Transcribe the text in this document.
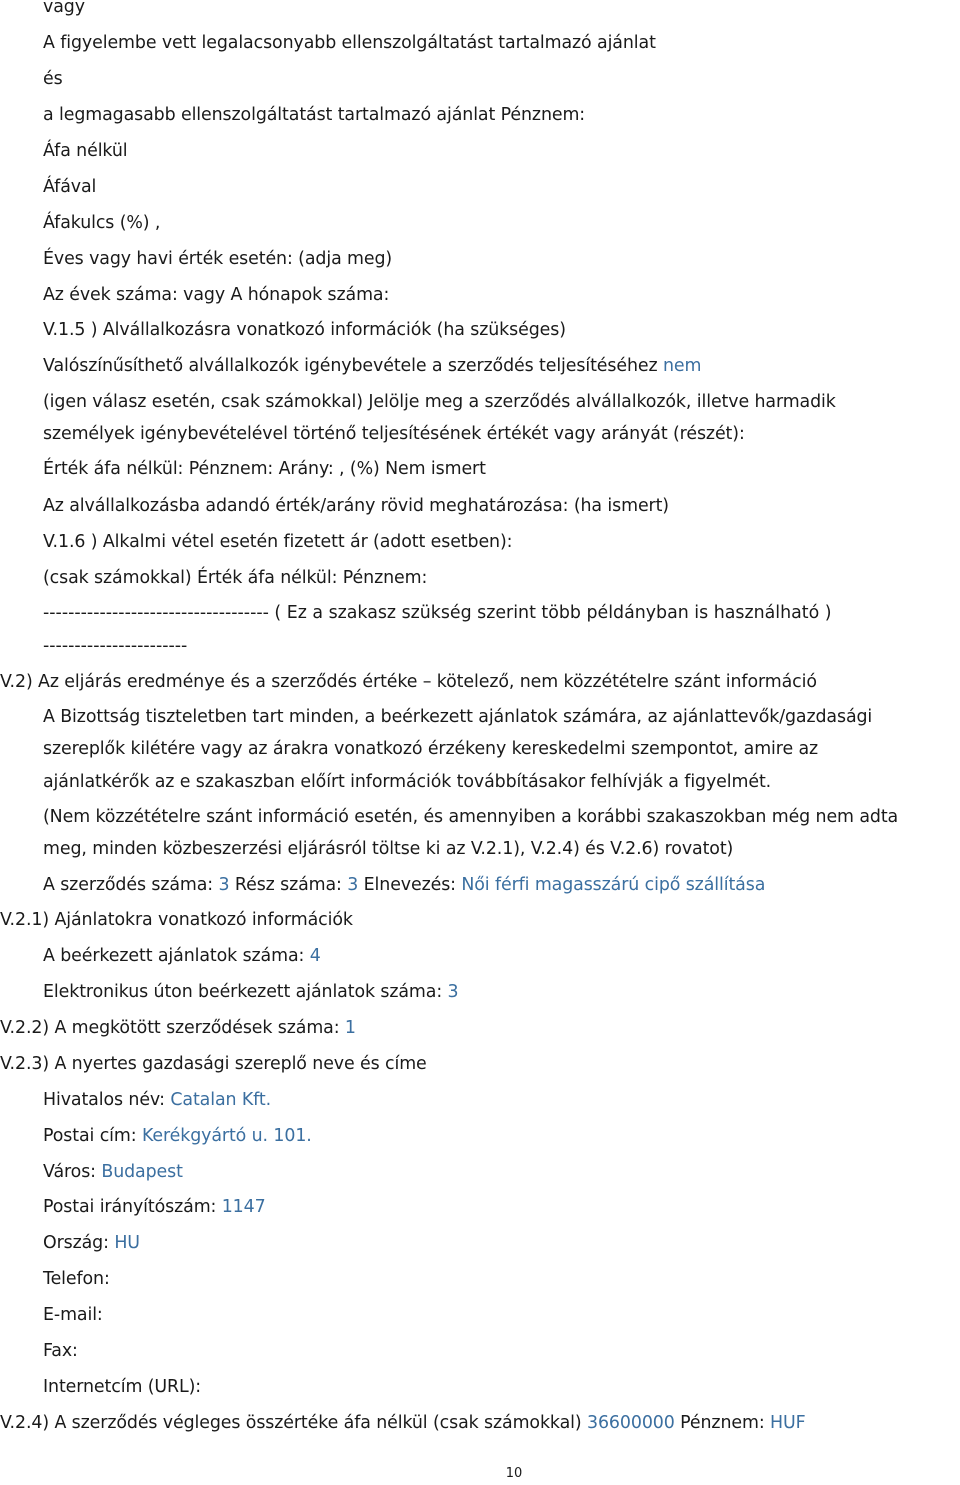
vagy
A figyelembe vett legalacsonyabb ellenszolgáltatást tartalmazó ajánlat
és
a legmagasabb ellenszolgáltatást tartalmazó ajánlat Pénznem:
Áfa nélkül
Áfával
Áfakulcs (%) ,
Éves vagy havi érték esetén: (adja meg)
Az évek száma: vagy A hónapok száma:
V.1.5 ) Alvállalkozásra vonatkozó információk (ha szükséges)
Valószínűsíthető alvállalkozók igénybevétele a szerződés teljesítéséhez nem
(igen válasz esetén, csak számokkal) Jelölje meg a szerződés alvállalkozók, illetve harmadik
személyek igénybevételével történő teljesítésének értékét vagy arányát (részét):
Érték áfa nélkül: Pénznem: Arány: , (%) Nem ismert
Az alvállalkozásba adandó érték/arány rövid meghatározása: (ha ismert)
V.1.6 ) Alkalmi vétel esetén fizetett ár (adott esetben):
(csak számokkal) Érték áfa nélkül: Pénznem:
------------------------------------ ( Ez a szakasz szükség szerint több példányban is használható )
-----------------------
V.2) Az eljárás eredménye és a szerződés értéke – kötelező, nem közzétételre szánt információ
A Bizottság tiszteletben tart minden, a beérkezett ajánlatok számára, az ajánlattevők/gazdasági
szereplők kilétére vagy az árakra vonatkozó érzékeny kereskedelmi szempontot, amire az
ajánlatkérők az e szakaszban előírt információk továbbításakor felhívják a figyelmét.
(Nem közzétételre szánt információ esetén, és amennyiben a korábbi szakaszokban még nem adta
meg, minden közbeszerzési eljárásról töltse ki az V.2.1), V.2.4) és V.2.6) rovatot)
A szerződés száma: 3 Rész száma: 3 Elnevezés: Női férfi magasszárú cipő szállítása
V.2.1) Ajánlatokra vonatkozó információk
A beérkezett ajánlatok száma: 4
Elektronikus úton beérkezett ajánlatok száma: 3
V.2.2) A megkötött szerződések száma: 1
V.2.3) A nyertes gazdasági szereplő neve és címe
Hivatalos név: Catalan Kft.
Postai cím: Kerékgyártó u. 101.
Város: Budapest
Postai irányítószám: 1147
Ország: HU
Telefon:
E-mail:
Fax:
Internetcím (URL):
V.2.4) A szerződés végleges összértéke áfa nélkül (csak számokkal) 36600000 Pénznem: HUF
10
